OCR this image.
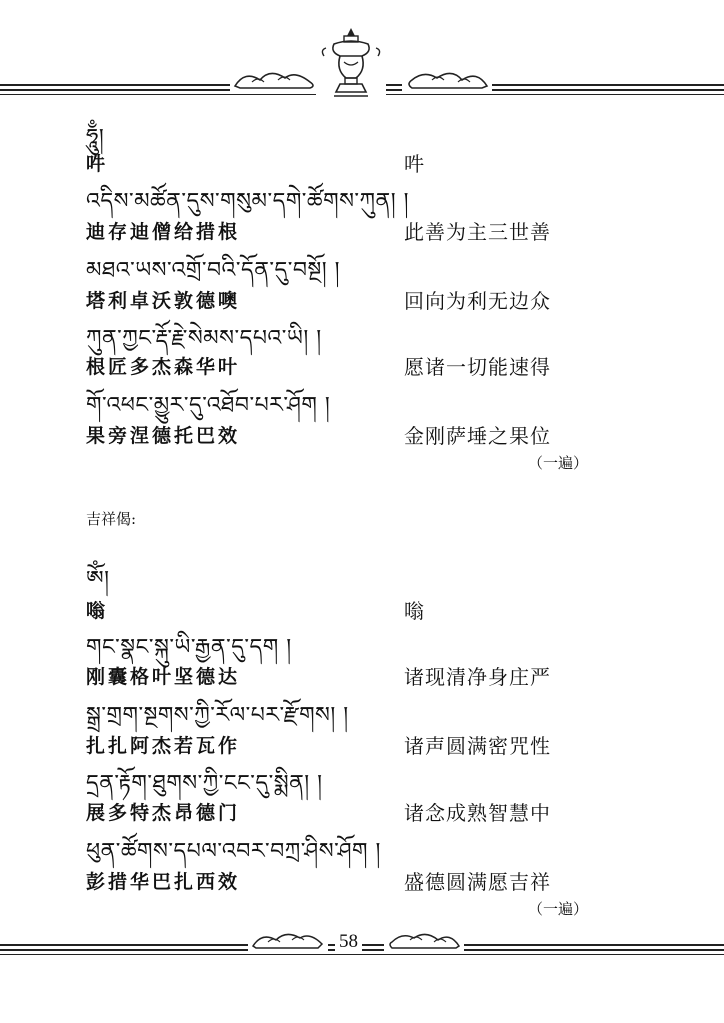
ཧཱུྃ།
吽	吽
འདིས་མཚོན་དུས་གསུམ་དགེ་ཚོགས་ཀུན། །
迪存迪僧给措根	此善为主三世善
མཐའ་ཡས་འགྲོ་བའི་དོན་དུ་བསྔོ། །
塔利卓沃敦德噢	回向为利无边众
ཀུན་ཀྱང་རྡོ་རྗེ་སེམས་དཔའ་ཡི། །
根匠多杰森华叶	愿诸一切能速得
གོ་འཕང་མྱུར་དུ་འཐོབ་པར་ཤོག །
果旁涅德托巴效	金刚萨埵之果位
（一遍）
吉祥偈:
ཨོཾ།
嗡	嗡
གང་སྣང་སྐུ་ཡི་རྒྱན་དུ་དག །
刚囊格叶坚德达	诸现清净身庄严
སྒྲ་གྲག་སྔགས་ཀྱི་རོལ་པར་རྫོགས། །
扎扎阿杰若瓦作	诸声圆满密咒性
དྲན་རྟོག་ཐུགས་ཀྱི་ངང་དུ་སྨིན། །
展多特杰昂德门	诸念成熟智慧中
ཕུན་ཚོགས་དཔལ་འབར་བཀྲ་ཤིས་ཤོག །
彭措华巴扎西效	盛德圆满愿吉祥
（一遍）
58
